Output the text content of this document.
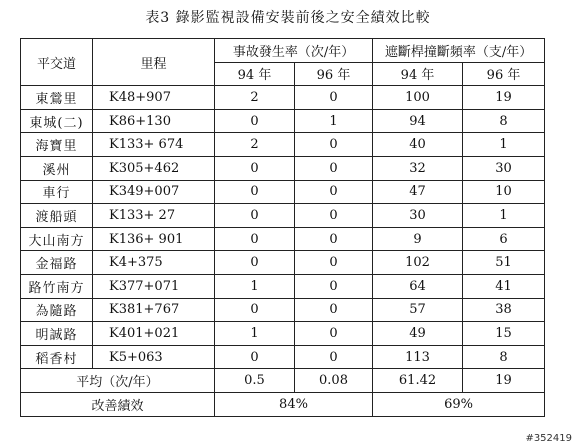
表3 錄影監視設備安裝前後之安全績效比較
平交道	里程	事故發生率（次/年）		遮斷桿撞斷頻率（支/年）	
		94 年	96 年	94 年	96 年
東鶯里	K48+907	2	0	100	19
東城(二)	K86+130	0	1	94	8
海寶里	K133+ 674	2	0	40	1
溪州	K305+462	0	0	32	30
車行	K349+007	0	0	47	10
渡船頭	K133+ 27	0	0	30	1
大山南方	K136+ 901	0	0	9	6
金福路	K4+375	0	0	102	51
路竹南方	K377+071	1	0	64	41
為隨路	K381+767	0	0	57	38
明誠路	K401+021	1	0	49	15
稻香村	K5+063	0	0	113	8
平均（次/年）		0.5	0.08	61.42	19
改善績效		84%		69%	
#352419
